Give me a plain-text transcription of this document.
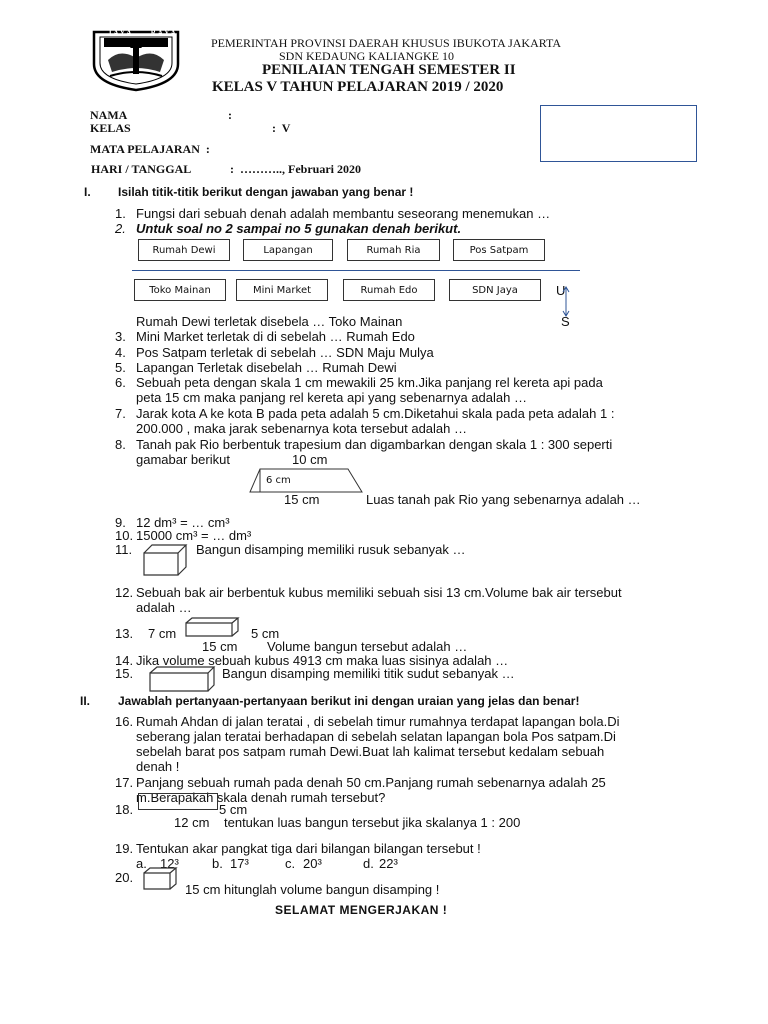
JAYA RAYA
PEMERINTAH PROVINSI DAERAH KHUSUS IBUKOTA JAKARTA
SDN KEDAUNG KALIANGKE 10
PENILAIAN TENGAH SEMESTER II
KELAS V TAHUN PELAJARAN 2019 / 2020
NAMA	:
KELAS	:  V
MATA PELAJARAN  :
HARI / TANGGAL	:  ……….., Februari 2020
I. Isilah titik-titik berikut dengan jawaban yang benar !
1. Fungsi dari sebuah denah adalah membantu seseorang menemukan …
2. Untuk soal no 2 sampai no 5 gunakan denah berikut.
Rumah Dewi	Lapangan	Rumah Ria	Pos Satpam
Toko Mainan	Mini Market	Rumah Edo	SDN Jaya	U
S
Rumah Dewi terletak disebela … Toko Mainan
3. Mini Market terletak di di sebelah … Rumah Edo
4. Pos Satpam terletak di sebelah … SDN Maju Mulya
5. Lapangan Terletak disebelah … Rumah Dewi
6. Sebuah peta dengan skala 1 cm mewakili 25 km.Jika panjang rel kereta api pada
peta 15 cm maka panjang rel kereta api yang sebenarnya adalah …
7. Jarak kota A ke kota B pada peta adalah 5 cm.Diketahui skala pada peta adalah 1 :
200.000 , maka jarak sebenarnya kota tersebut adalah …
8. Tanah pak Rio berbentuk trapesium dan digambarkan dengan skala 1 : 300 seperti
gamabar berikut	10 cm
6 cm
15 cm	Luas tanah pak Rio yang sebenarnya adalah …
9. 12 dm³ = … cm³
10. 15000 cm³ = … dm³
11.	Bangun disamping memiliki rusuk sebanyak …
12. Sebuah bak air berbentuk kubus memiliki sebuah sisi 13 cm.Volume bak air tersebut
adalah …
13. 7 cm	5 cm
15 cm Volume bangun tersebut adalah …
14. Jika volume sebuah kubus 4913 cm maka luas sisinya adalah …
15.	Bangun disamping memiliki titik sudut sebanyak …
II. Jawablah pertanyaan-pertanyaan berikut ini dengan uraian yang jelas dan benar!
16. Rumah Ahdan di jalan teratai , di sebelah timur rumahnya terdapat lapangan bola.Di
seberang jalan teratai berhadapan di sebelah selatan lapangan bola Pos satpam.Di
sebelah barat pos satpam rumah Dewi.Buat lah kalimat tersebut kedalam sebuah
denah !
17. Panjang sebuah rumah pada denah 50 cm.Panjang rumah sebenarnya adalah 25
m.Berapakah skala denah rumah tersebut?
18.	5 cm
12 cm tentukan luas bangun tersebut jika skalanya 1 : 200
19. Tentukan akar pangkat tiga dari bilangan bilangan tersebut !
a. 12³	b. 17³	c. 20³	d. 22³
20.
15 cm hitunglah volume bangun disamping !
SELAMAT MENGERJAKAN !
